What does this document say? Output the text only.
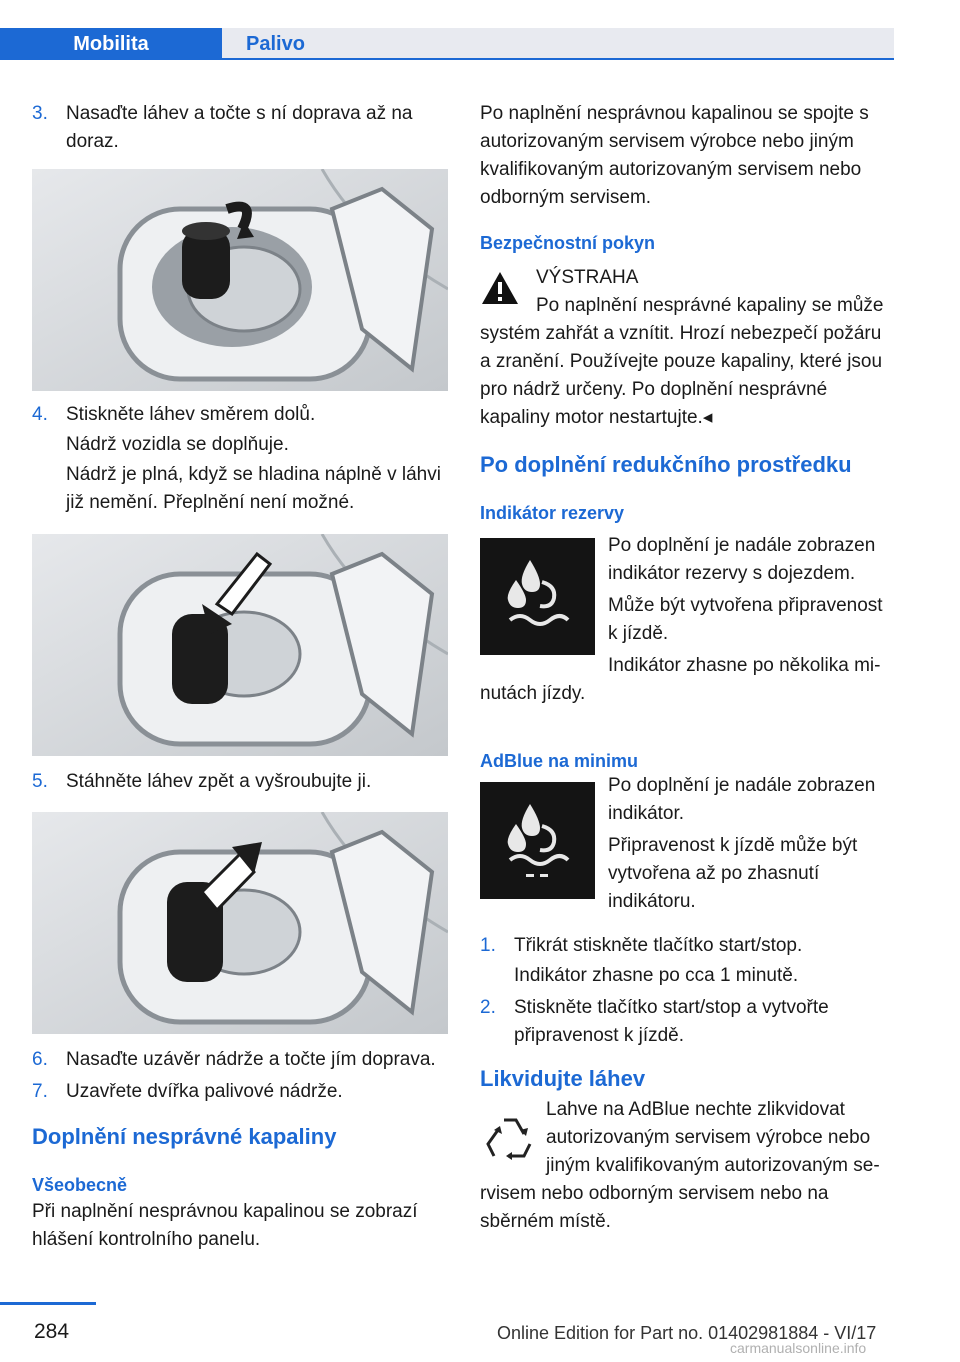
Mobilita	Palivo
3. Nasaďte láhev a točte s ní doprava až na doraz.
4. Stiskněte láhev směrem dolů.
Nádrž vozidla se doplňuje.
Nádrž je plná, když se hladina náplně v láhvi již nemění. Přeplnění není možné.
5. Stáhněte láhev zpět a vyšroubujte ji.
6. Nasaďte uzávěr nádrže a točte jím doprava.
7. Uzavřete dvířka palivové nádrže.
Doplnění nesprávné kapaliny
Všeobecně

Při naplnění nesprávnou kapalinou se zobrazí hlášení kontrolního panelu.

Po naplnění nesprávnou kapalinou se spojte s autorizovaným servisem výrobce nebo jiným kvalifikovaným autorizovaným servisem nebo odborným servisem.

Bezpečnostní pokyn
VÝSTRAHA
Po naplnění nesprávné kapaliny se může

systém zahřát a vznítit. Hrozí nebezpečí požáru a zranění. Používejte pouze kapaliny, které jsou pro nádrž určeny. Po doplnění nesprávné kapaliny motor nestartujte.◂

Po doplnění redukčního prostředku
Indikátor rezervy

Po doplnění je nadále zobrazen indikátor rezervy s dojezdem.

Může být vytvořena připravenost k jízdě.

Indikátor zhasne po několika mi-

nutách jízdy.

AdBlue na minimu

Po doplnění je nadále zobrazen indikátor.

Připravenost k jízdě může být vytvořena až po zhasnutí indikátoru.

1. Třikrát stiskněte tlačítko start/stop.
Indikátor zhasne po cca 1 minutě.
2. Stiskněte tlačítko start/stop a vytvořte připravenost k jízdě.
Likvidujte láhev

Lahve na AdBlue nechte zlikvidovat autorizovaným servisem výrobce nebo jiným kvalifikovaným autorizovaným se-

rvisem nebo odborným servisem nebo na sběrném místě.

284	Online Edition for Part no. 01402981884 - VI/17
carmanualsonline.info
